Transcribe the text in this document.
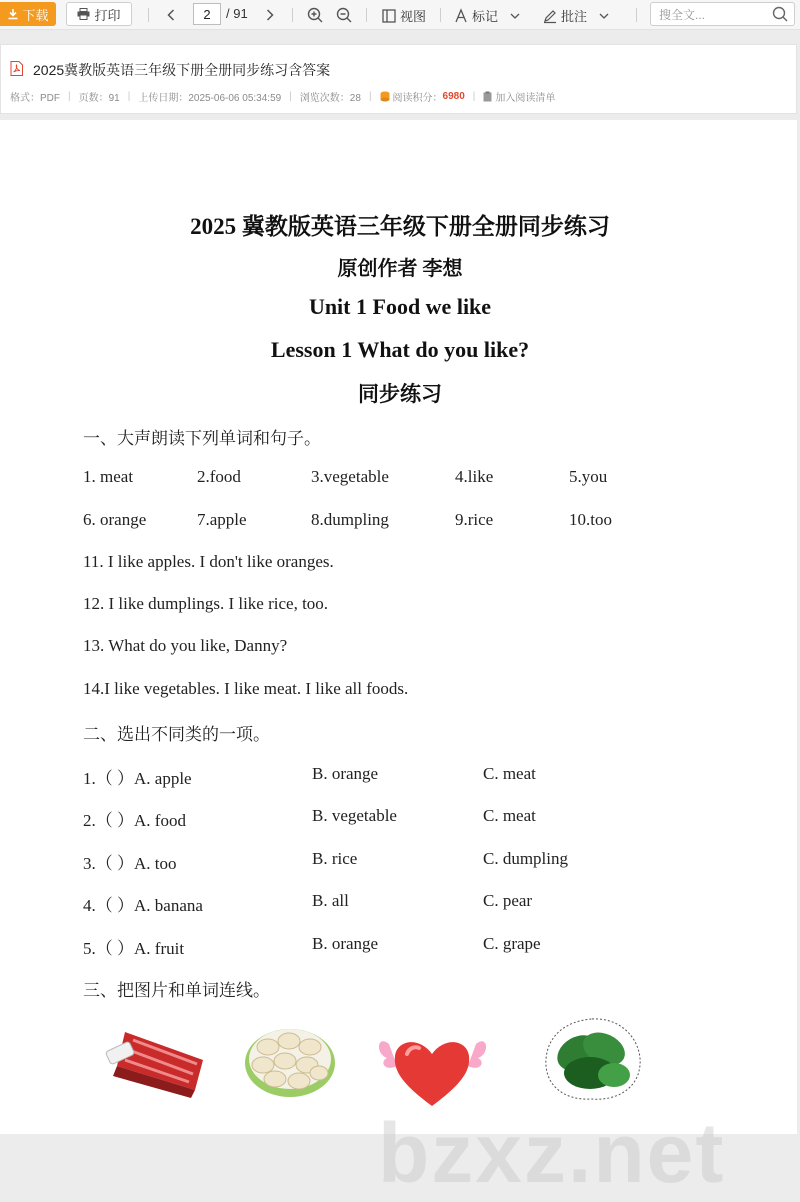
下载	打印	2	/ 91	视图	标记	批注	搜全文...
2025冀教版英语三年级下册全册同步练习含答案
格式：PDF | 页数：91 | 上传日期：2025-06-06 05:34:59 | 浏览次数：28 | 阅读积分： 6980 | 加入阅读清单
2025 冀教版英语三年级下册全册同步练习
原创作者 李想
Unit 1 Food we like
Lesson 1 What do you like?
同步练习
一、大声朗读下列单词和句子。
1. meat	2.food	3.vegetable	4.like	5.you
6. orange	7.apple	8.dumpling	9.rice	10.too
11. I like apples. I don't like oranges.
12. I like dumplings. I like rice, too.
13. What do you like, Danny?
14.I like vegetables. I like meat. I like all foods.
二、选出不同类的一项。
1.（ ）A. apple	B. orange	C. meat
2.（ ）A. food	B. vegetable	C. meat
3.（ ）A. too	B. rice	C. dumpling
4.（ ）A. banana	B. all	C. pear
5.（ ）A. fruit	B. orange	C. grape
三、把图片和单词连线。
bzxz.net
